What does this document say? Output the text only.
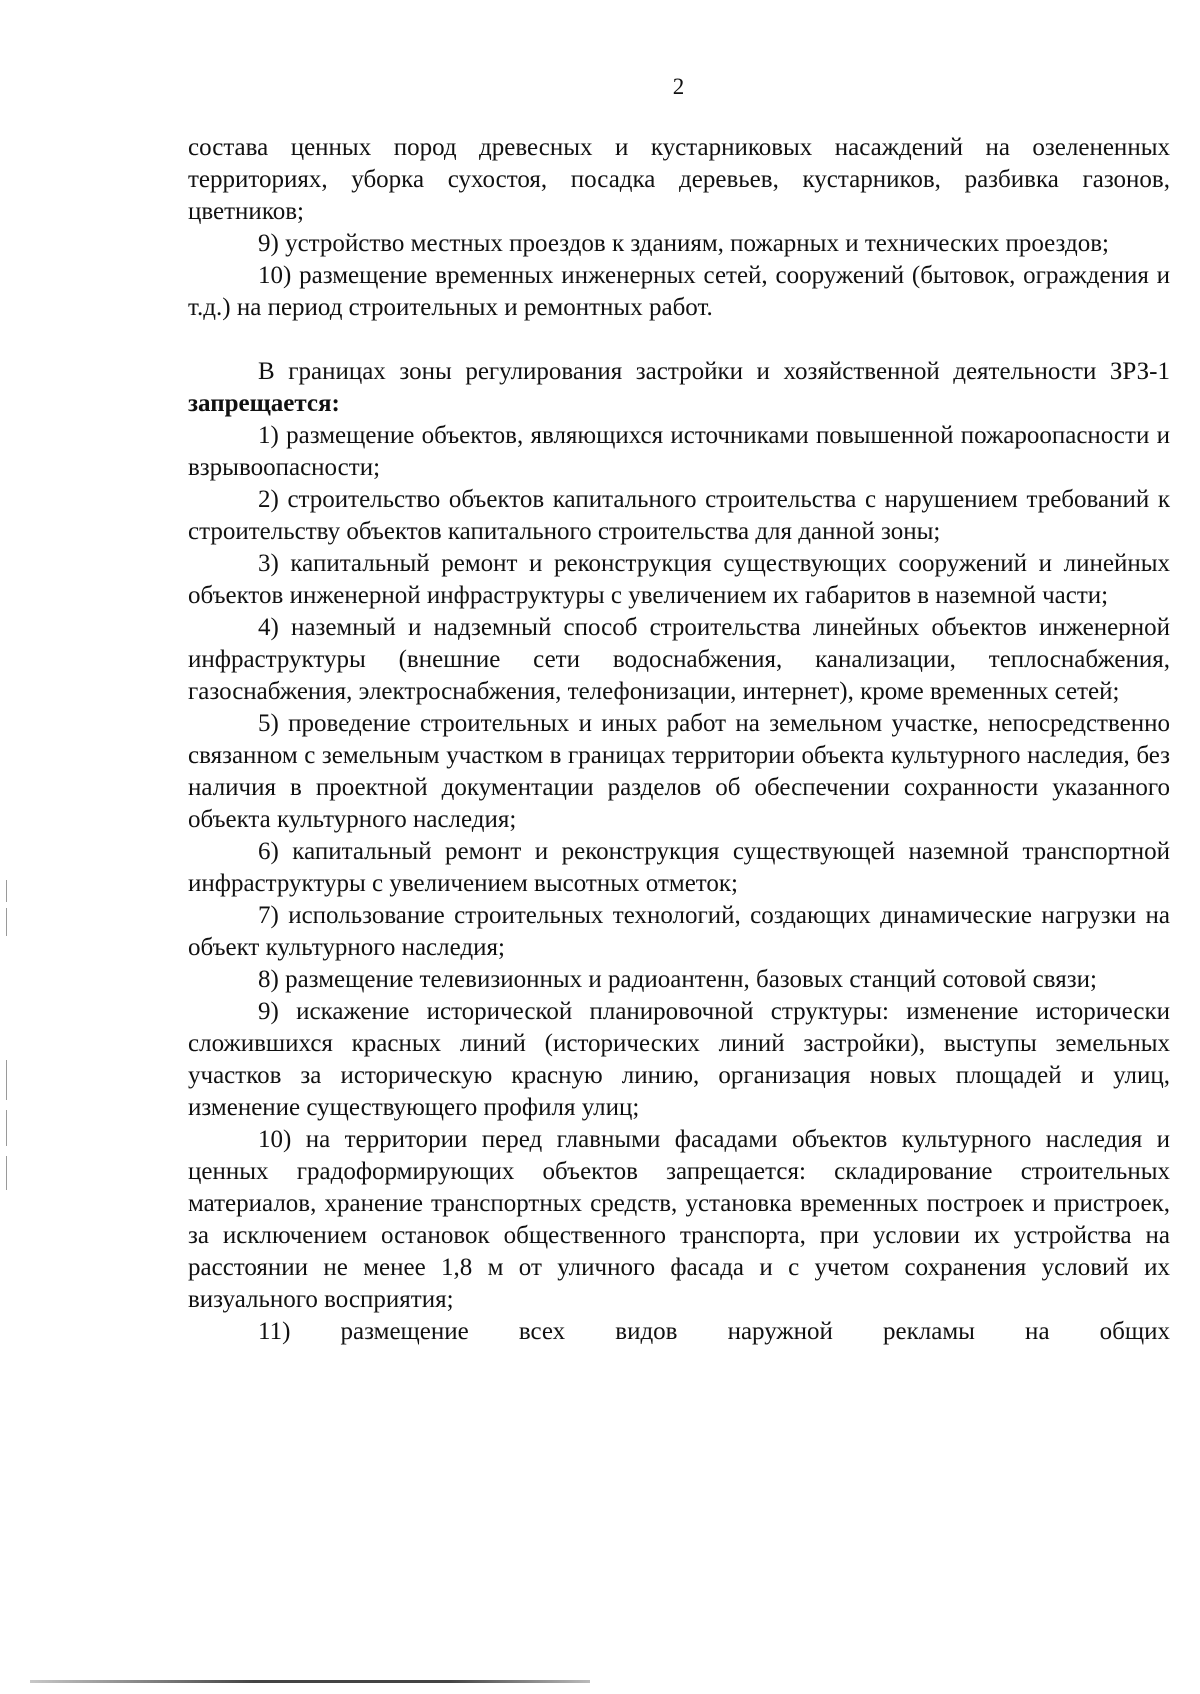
2

состава ценных пород древесных и кустарниковых насаждений на озелененных территориях, уборка сухостоя, посадка деревьев, кустарников, разбивка газонов, цветников;

9) устройство местных проездов к зданиям, пожарных и технических проездов;

10) размещение временных инженерных сетей, сооружений (бытовок, ограждения и т.д.) на период строительных и ремонтных работ.

В границах зоны регулирования застройки и хозяйственной деятельности ЗРЗ-1 запрещается:

1) размещение объектов, являющихся источниками повышенной пожароопасности и взрывоопасности;

2) строительство объектов капитального строительства с нарушением требований к строительству объектов капитального строительства для данной зоны;

3) капитальный ремонт и реконструкция существующих сооружений и линейных объектов инженерной инфраструктуры с увеличением их габаритов в наземной части;

4) наземный и надземный способ строительства линейных объектов инженерной инфраструктуры (внешние сети водоснабжения, канализации, теплоснабжения, газоснабжения, электроснабжения, телефонизации, интернет), кроме временных сетей;

5) проведение строительных и иных работ на земельном участке, непосредственно связанном с земельным участком в границах территории объекта культурного наследия, без наличия в проектной документации разделов об обеспечении сохранности указанного объекта культурного наследия;

6) капитальный ремонт и реконструкция существующей наземной транспортной инфраструктуры с увеличением высотных отметок;

7) использование строительных технологий, создающих динамические нагрузки на объект культурного наследия;

8) размещение телевизионных и радиоантенн, базовых станций сотовой связи;

9) искажение исторической планировочной структуры: изменение исторически сложившихся красных линий (исторических линий застройки), выступы земельных участков за историческую красную линию, организация новых площадей и улиц, изменение существующего профиля улиц;

10) на территории перед главными фасадами объектов культурного наследия и ценных градоформирующих объектов запрещается: складирование строительных материалов, хранение транспортных средств, установка временных построек и пристроек, за исключением остановок общественного транспорта, при условии их устройства на расстоянии не менее 1,8 м от уличного фасада и с учетом сохранения условий их визуального восприятия;

11) размещение всех видов наружной рекламы на общих
